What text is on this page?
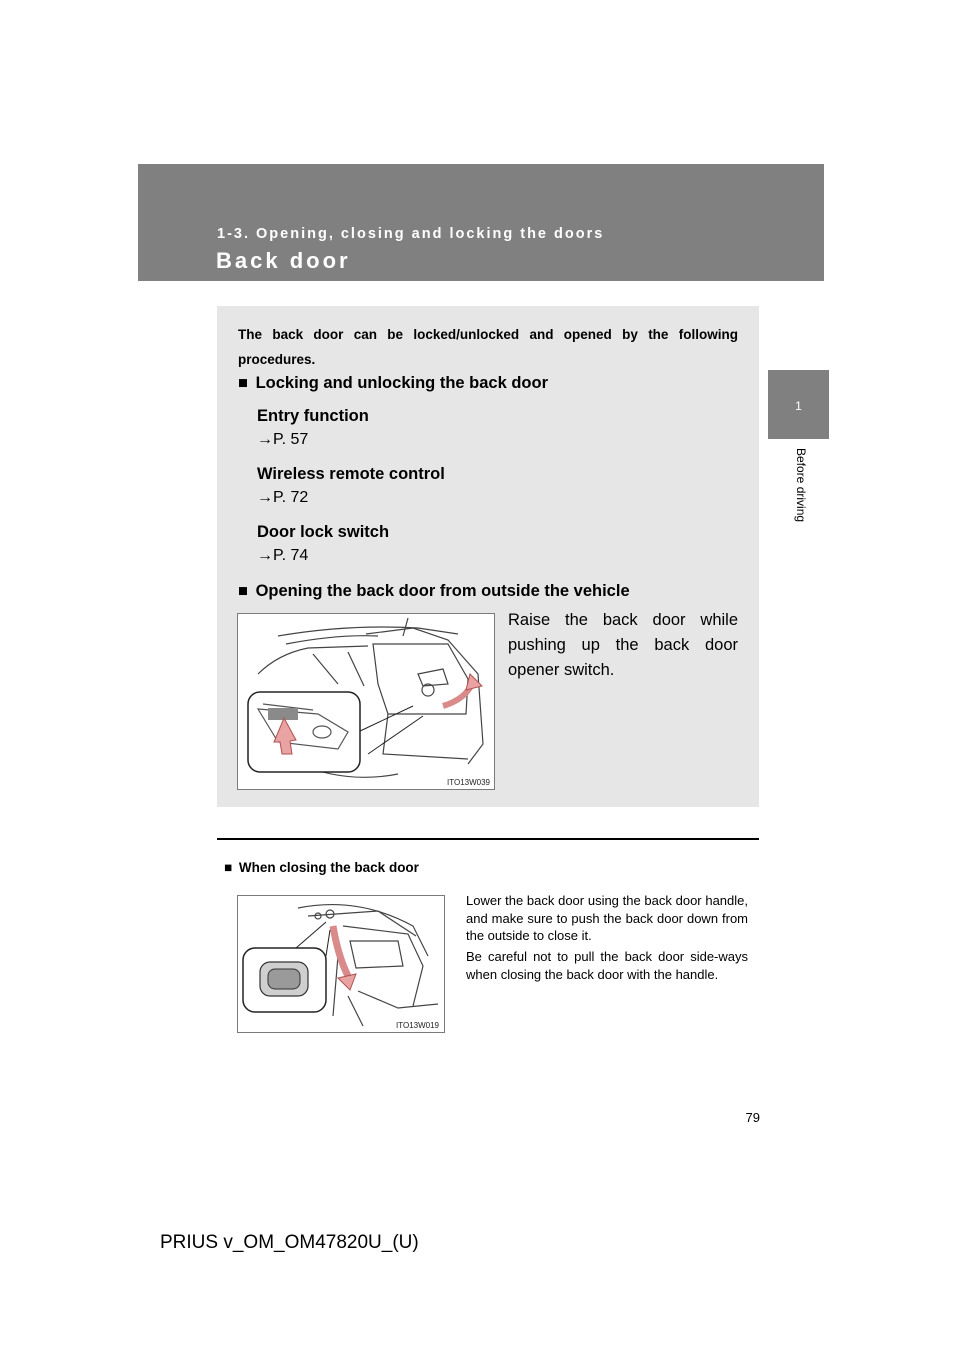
1-3. Opening, closing and locking the doors
Back door
1
Before driving
The back door can be locked/unlocked and opened by the following procedures.
■ Locking and unlocking the back door
Entry function
→P. 57
Wireless remote control
→P. 72
Door lock switch
→P. 74
■ Opening the back door from outside the vehicle
ITO13W039
Raise the back door while pushing up the back door opener switch.
■ When closing the back door
ITO13W019
Lower the back door using the back door handle, and make sure to push the back door down from the outside to close it.
Be careful not to pull the back door side-ways when closing the back door with the handle.
79
PRIUS v_OM_OM47820U_(U)
